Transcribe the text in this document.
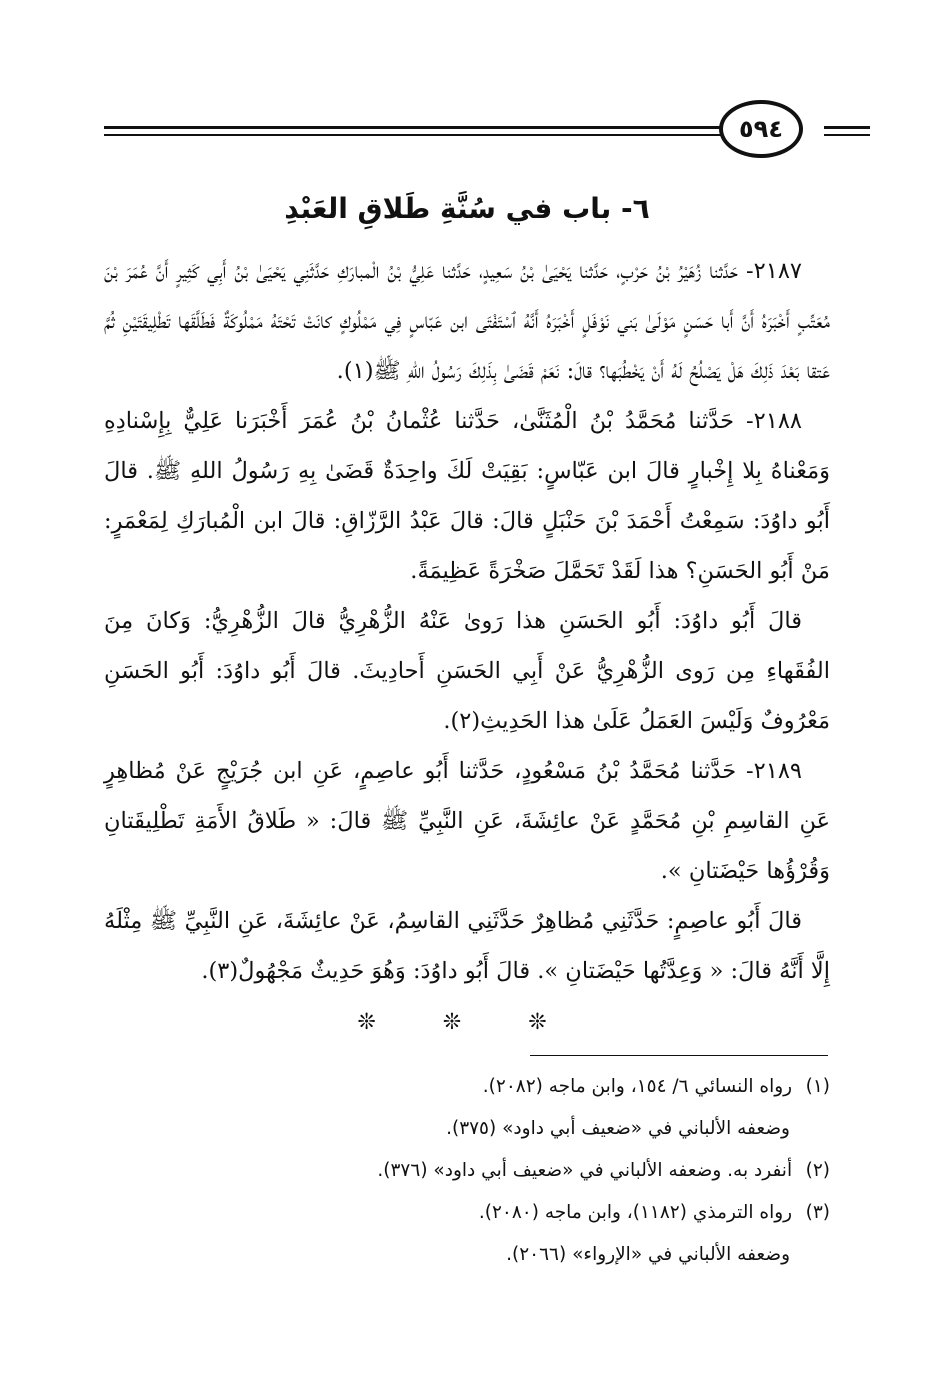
٥٩٤
٦- باب في سُنَّةِ طَلاقِ العَبْدِ

٢١٨٧- حَدَّثنا زُهَيْرُ بْنُ حَرْبٍ، حَدَّثنا يَحْيَىٰ بْنُ سَعِيدٍ، حَدَّثنا عَلِيُّ بْنُ الْمبارَكِ حَدَّثَنِي يَحْيَىٰ بْنُ أَبِي كَثِيرٍ أَنَّ عُمَرَ بْنَ مُعَتِّبٍ أَخْبَرَهُ أَنَّ أَبا حَسَنٍ مَوْلَىٰ بَني نَوْفَلٍ أَخْبَرَهُ أَنَّهُ ٱسْتَفْتَى ابن عَبّاسٍ فِي مَمْلُوكٍ كانَتْ تَحْتَهُ مَمْلُوكَةٌ فَطَلَّقَها تَطْلِيقَتَيْنِ ثُمَّ عَتقا بَعْدَ ذَلِكَ هَلْ يَصْلُحُ لَهُ أَنْ يَخْطُبَها؟ قالَ: نَعَمْ قَضَىٰ بِذَلِكَ رَسُولُ اللهِ ﷺ(١).

٢١٨٨- حَدَّثنا مُحَمَّدُ بْنُ الْمُثَنَّىٰ، حَدَّثنا عُثْمانُ بْنُ عُمَرَ أَخْبَرَنا عَلِيٌّ بِإِسْنادِهِ وَمَعْناهُ بِلا إِخْبارٍ قالَ ابن عَبّاسٍ: بَقِيَتْ لَكَ واحِدَةٌ قَضَىٰ بِهِ رَسُولُ اللهِ ﷺ. قالَ أَبُو داوُدَ: سَمِعْتُ أَحْمَدَ بْنَ حَنْبَلٍ قالَ: قالَ عَبْدُ الرَّزّاقِ: قالَ ابن الْمُبارَكِ لِمَعْمَرٍ: مَنْ أَبُو الحَسَنِ؟ هذا لَقَدْ تَحَمَّلَ صَخْرَةً عَظِيمَةً.

قالَ أَبُو داوُدَ: أَبُو الحَسَنِ هذا رَوىٰ عَنْهُ الزُّهْرِيُّ قالَ الزُّهْرِيُّ: وَكانَ مِنَ الفُقَهاءِ مِن رَوى الزُّهْرِيُّ عَنْ أَبِي الحَسَنِ أَحادِيثَ. قالَ أَبُو داوُدَ: أَبُو الحَسَنِ مَعْرُوفٌ وَلَيْسَ العَمَلُ عَلَىٰ هذا الحَدِيثِ(٢).

٢١٨٩- حَدَّثنا مُحَمَّدُ بْنُ مَسْعُودٍ، حَدَّثنا أَبُو عاصِمٍ، عَنِ ابن جُرَيْجٍ عَنْ مُظاهِرٍ عَنِ القاسِمِ بْنِ مُحَمَّدٍ عَنْ عائِشَةَ، عَنِ النَّبِيِّ ﷺ قالَ: « طَلاقُ الأَمَةِ تَطْلِيقَتانِ وَقُرْؤُها حَيْضَتانِ ».

قالَ أَبُو عاصِمٍ: حَدَّثَنِي مُظاهِرٌ حَدَّثَنِي القاسِمُ، عَنْ عائِشَةَ، عَنِ النَّبِيِّ ﷺ مِثْلَهُ إِلَّا أَنَّهُ قالَ: « وَعِدَّتُها حَيْضَتانِ ». قالَ أَبُو داوُدَ: وَهُوَ حَدِيثٌ مَجْهُولٌ(٣).

❊ ❊ ❊

(١) رواه النسائي ٦/ ١٥٤، وابن ماجه (٢٠٨٢).
وضعفه الألباني في «ضعيف أبي داود» (٣٧٥).
(٢) أنفرد به. وضعفه الألباني في «ضعيف أبي داود» (٣٧٦).
(٣) رواه الترمذي (١١٨٢)، وابن ماجه (٢٠٨٠).
وضعفه الألباني في «الإرواء» (٢٠٦٦).
